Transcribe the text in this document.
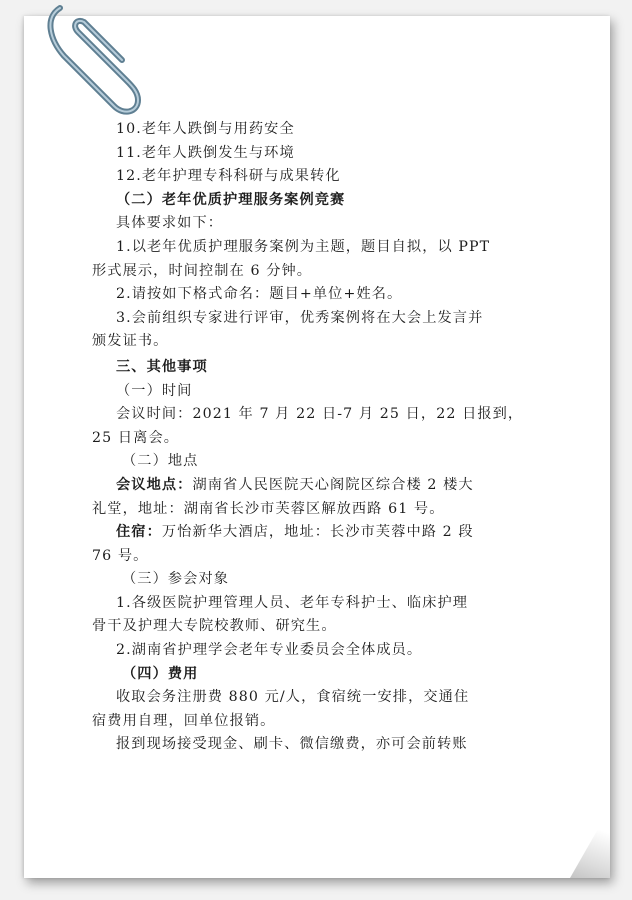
10.老年人跌倒与用药安全
11.老年人跌倒发生与环境
12.老年护理专科科研与成果转化
（二）老年优质护理服务案例竞赛
具体要求如下：
1.以老年优质护理服务案例为主题，题目自拟，以 PPT
形式展示，时间控制在 6 分钟。
2.请按如下格式命名：题目+单位+姓名。
3.会前组织专家进行评审，优秀案例将在大会上发言并
颁发证书。
三、其他事项
（一）时间
会议时间：2021 年 7 月 22 日-7 月 25 日，22 日报到，
25 日离会。
（二）地点
会议地点：湖南省人民医院天心阁院区综合楼 2 楼大
礼堂，地址：湖南省长沙市芙蓉区解放西路 61 号。
住宿：万怡新华大酒店，地址：长沙市芙蓉中路 2 段
76 号。
（三）参会对象
1.各级医院护理管理人员、老年专科护士、临床护理
骨干及护理大专院校教师、研究生。
2.湖南省护理学会老年专业委员会全体成员。
（四）费用
收取会务注册费 880 元/人，食宿统一安排，交通住
宿费用自理，回单位报销。
报到现场接受现金、刷卡、微信缴费，亦可会前转账
